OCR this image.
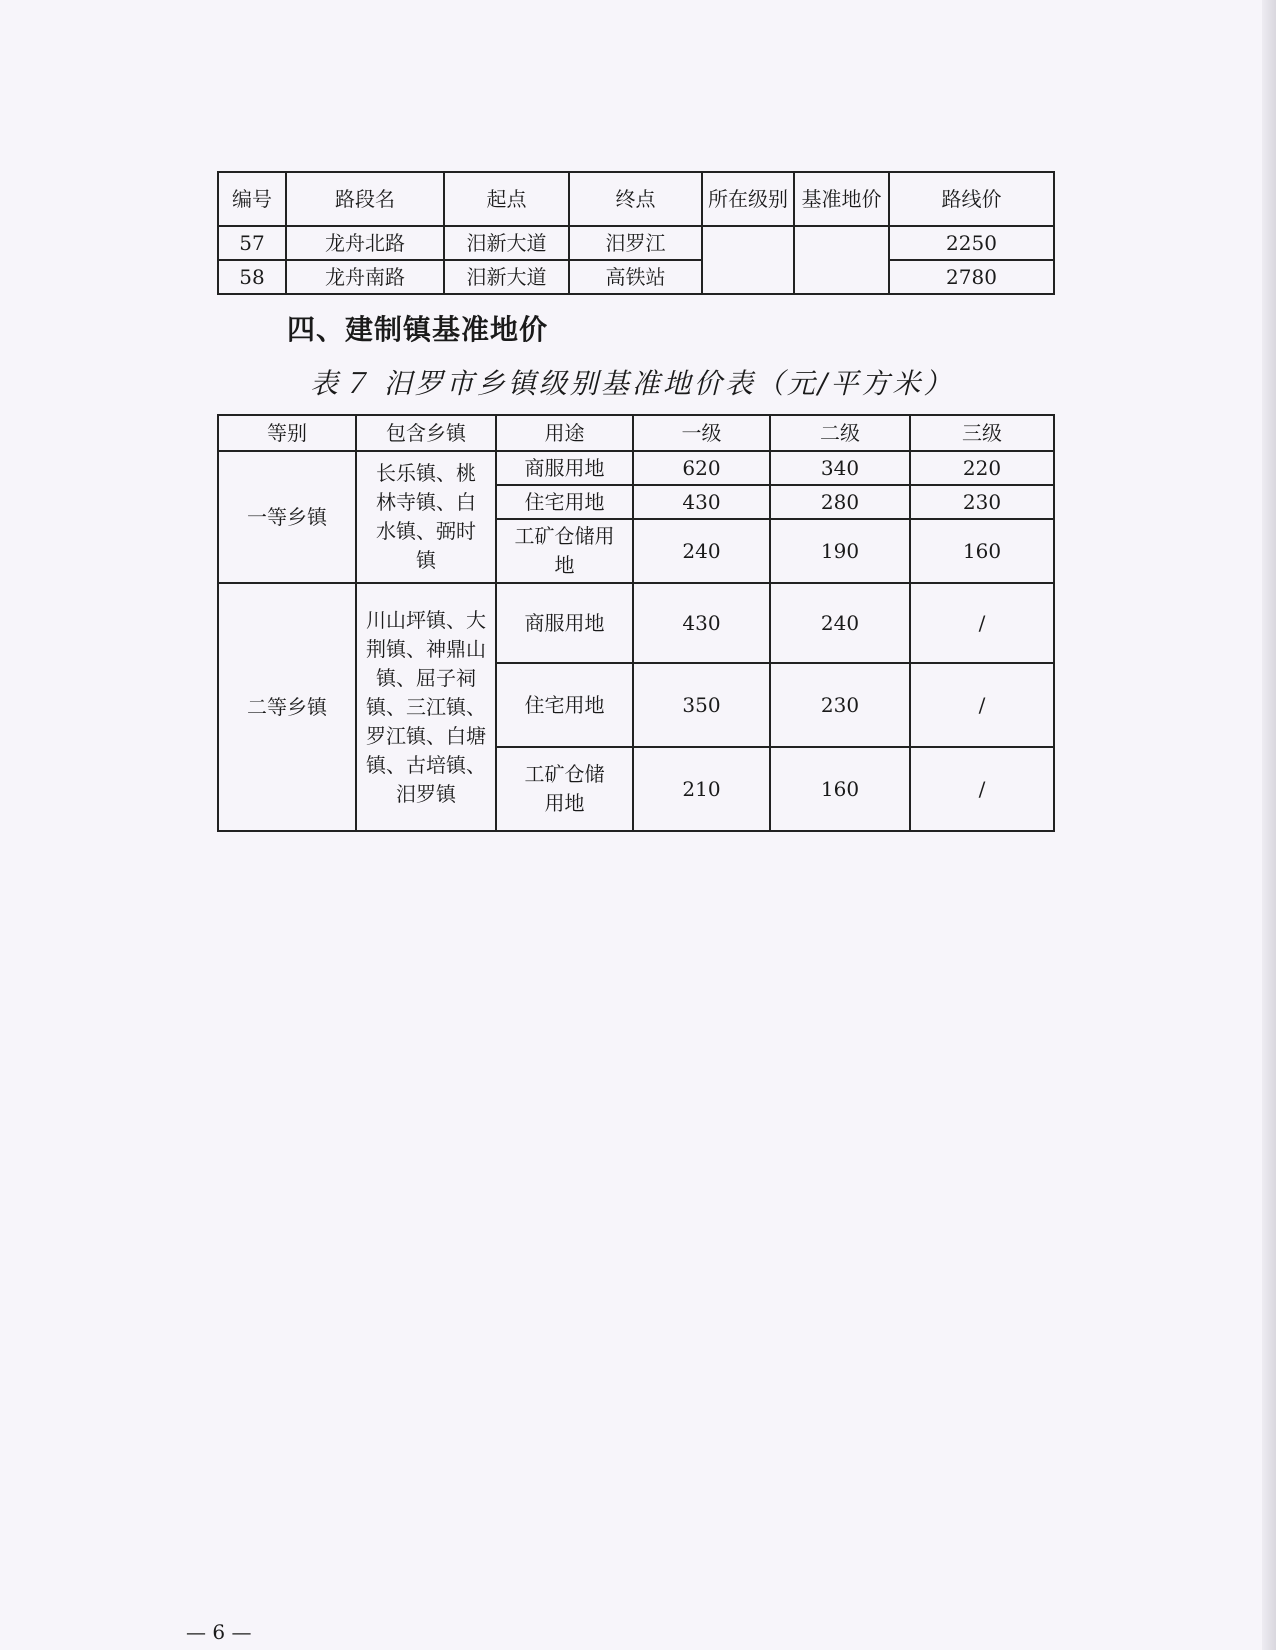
编号	路段名	起点	终点	所在级别	基准地价	路线价
57	龙舟北路	汨新大道	汨罗江			2250
58	龙舟南路	汨新大道	高铁站			2780
四、建制镇基准地价
表７ 汨罗市乡镇级别基准地价表（元/平方米）
等别	包含乡镇	用途	一级	二级	三级
一等乡镇	长乐镇、桃林寺镇、白水镇、弼时镇	商服用地	620	340	220
		住宅用地	430	280	230
		工矿仓储用地	240	190	160
二等乡镇	川山坪镇、大荆镇、神鼎山镇、屈子祠镇、三江镇、罗江镇、白塘镇、古培镇、汨罗镇	商服用地	430	240	/
		住宅用地	350	230	/
		工矿仓储用地	210	160	/
— 6 —
